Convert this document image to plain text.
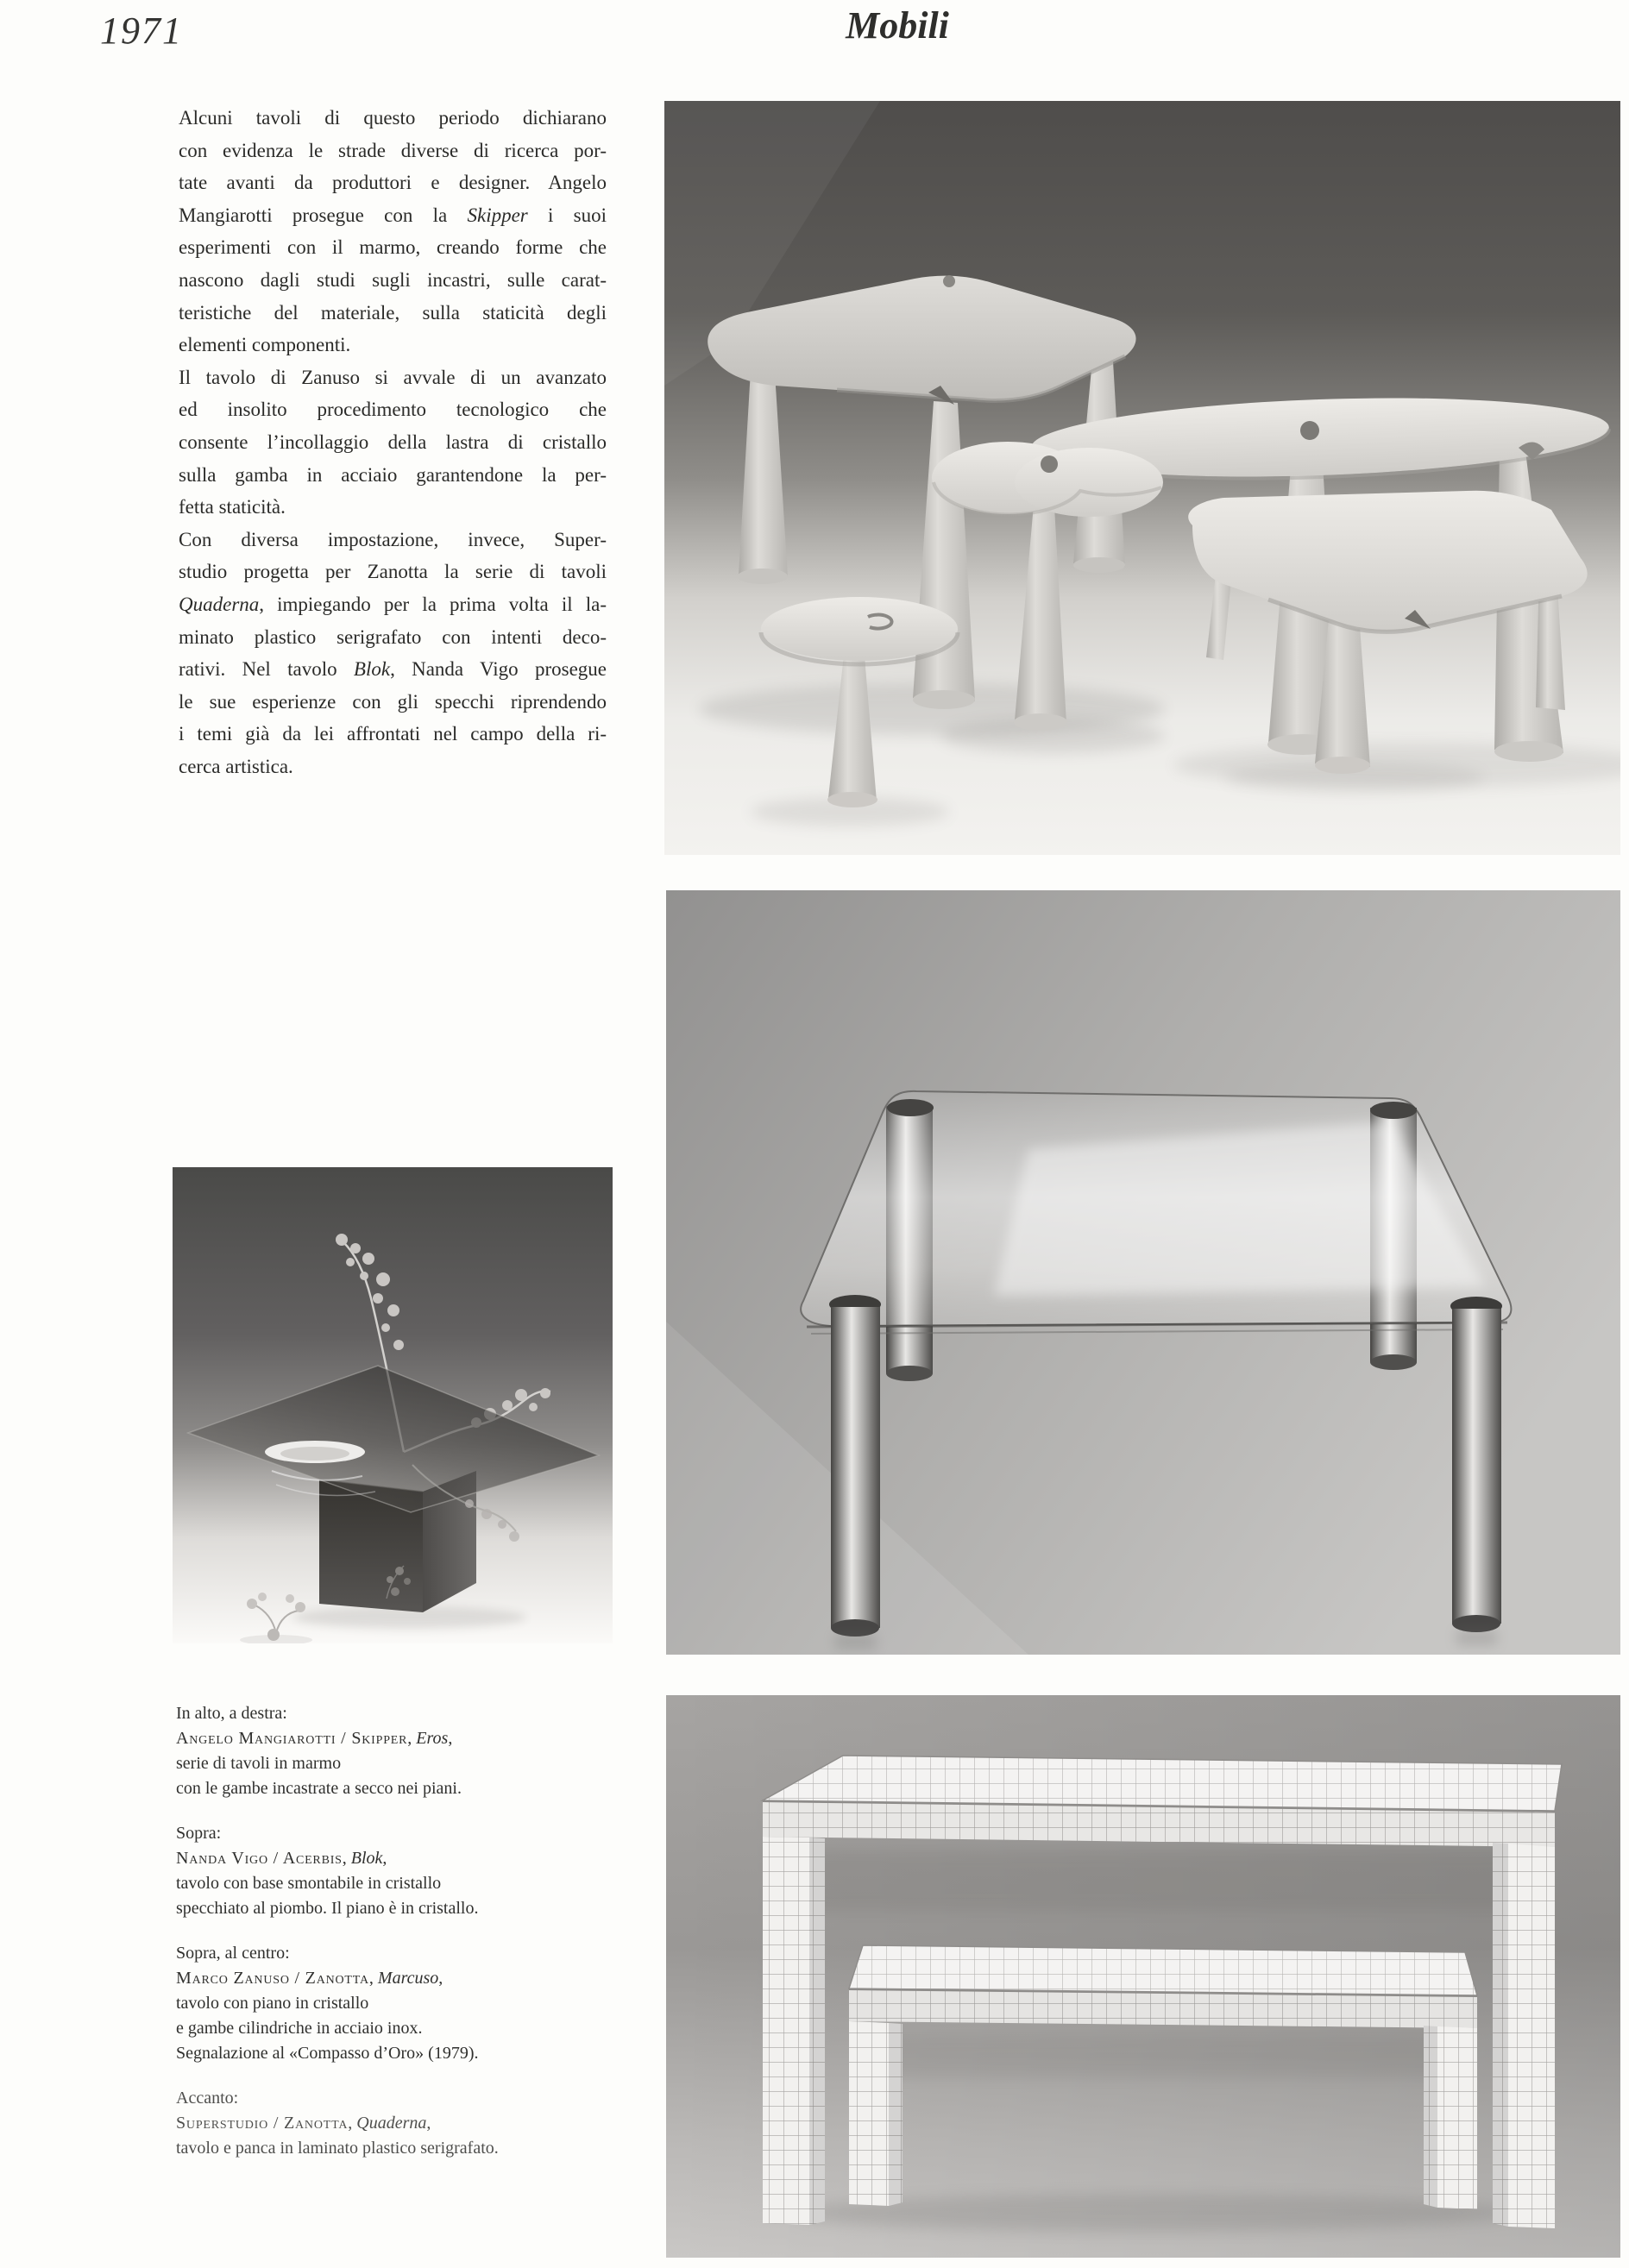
1971	Mobili
Alcuni tavoli di questo periodo dichiarano
con evidenza le strade diverse di ricerca por-
tate avanti da produttori e designer. Angelo
Mangiarotti prosegue con la Skipper i suoi
esperimenti con il marmo, creando forme che
nascono dagli studi sugli incastri, sulle carat-
teristiche del materiale, sulla staticità degli
elementi componenti.
Il tavolo di Zanuso si avvale di un avanzato
ed insolito procedimento tecnologico che
consente l’incollaggio della lastra di cristallo
sulla gamba in acciaio garantendone la per-
fetta staticità.
Con diversa impostazione, invece, Super-
studio progetta per Zanotta la serie di tavoli
Quaderna, impiegando per la prima volta il la-
minato plastico serigrafato con intenti deco-
rativi. Nel tavolo Blok, Nanda Vigo prosegue
le sue esperienze con gli specchi riprendendo
i temi già da lei affrontati nel campo della ri-
cerca artistica.
In alto, a destra:
Angelo Mangiarotti / Skipper, Eros,
serie di tavoli in marmo
con le gambe incastrate a secco nei piani.
Sopra:
Nanda Vigo / Acerbis, Blok,
tavolo con base smontabile in cristallo
specchiato al piombo. Il piano è in cristallo.
Sopra, al centro:
Marco Zanuso / Zanotta, Marcuso,
tavolo con piano in cristallo
e gambe cilindriche in acciaio inox.
Segnalazione al «Compasso d’Oro» (1979).
Accanto:
Superstudio / Zanotta, Quaderna,
tavolo e panca in laminato plastico serigrafato.
